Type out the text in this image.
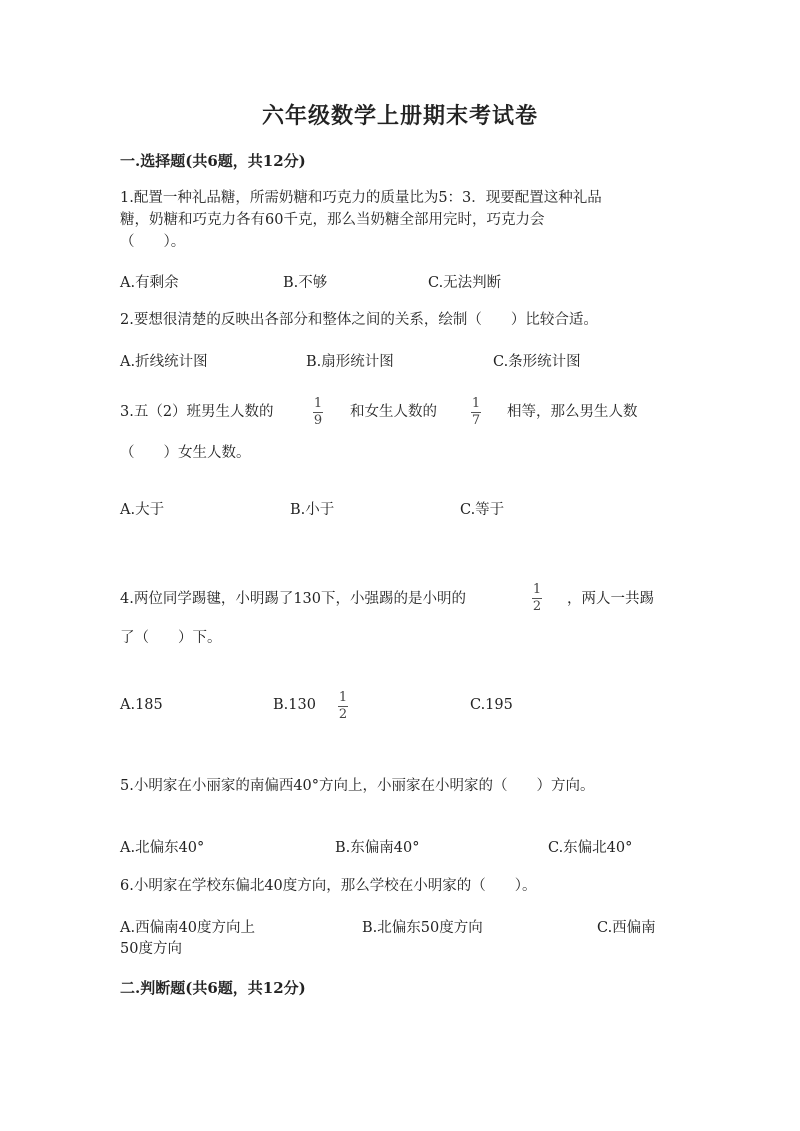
六年级数学上册期末考试卷
一.选择题(共6题，共12分)
1.配置一种礼品糖，所需奶糖和巧克力的质量比为5：3．现要配置这种礼品
糖，奶糖和巧克力各有60千克，那么当奶糖全部用完时，巧克力会
（　　）。
A.有剩余	B.不够	C.无法判断
2.要想很清楚的反映出各部分和整体之间的关系，绘制（　　）比较合适。
A.折线统计图	B.扇形统计图	C.条形统计图
3.五（2）班男生人数的
1
9
和女生人数的
1
7
相等，那么男生人数
（　　）女生人数。
A.大于	B.小于	C.等于
4.两位同学踢毽，小明踢了130下，小强踢的是小明的
1
2 ，两人一共踢
了（　　）下。
A.185	B.130 1
2
C.195
5.小明家在小丽家的南偏西40°方向上，小丽家在小明家的（　　）方向。
A.北偏东40°	B.东偏南40°	C.东偏北40°
6.小明家在学校东偏北40度方向，那么学校在小明家的（　　）。
A.西偏南40度方向上	B.北偏东50度方向	C.西偏南
50度方向
二.判断题(共6题，共12分)
